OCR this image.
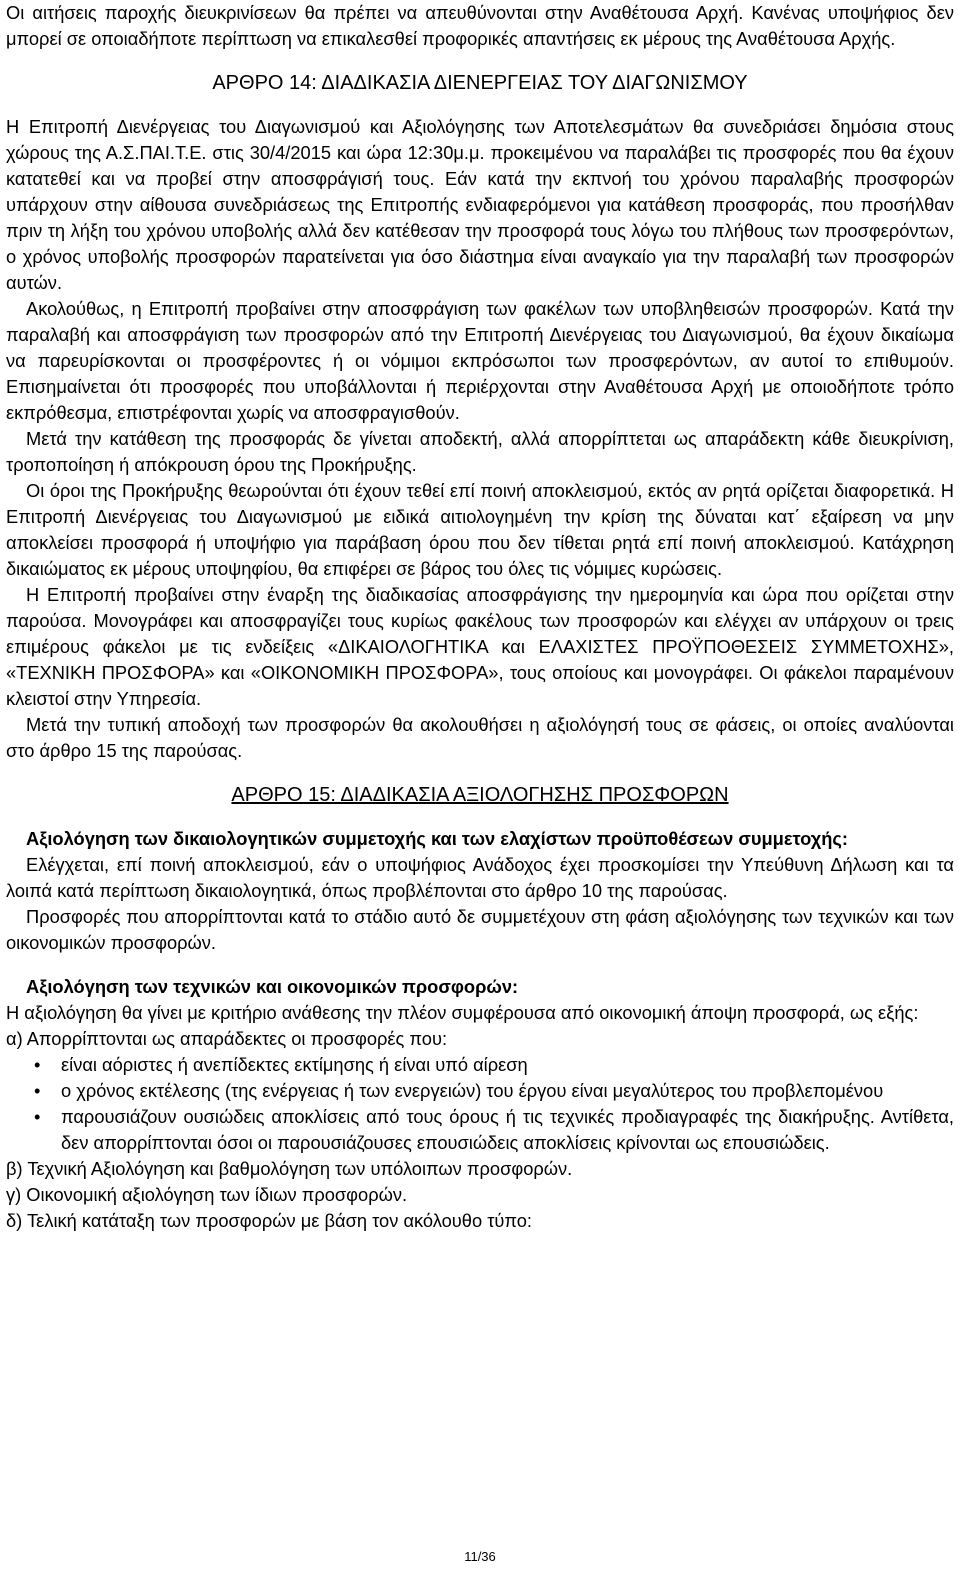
Οι αιτήσεις παροχής διευκρινίσεων θα πρέπει να απευθύνονται στην Αναθέτουσα Αρχή. Κανένας υποψήφιος δεν μπορεί σε οποιαδήποτε περίπτωση να επικαλεσθεί προφορικές απαντήσεις εκ μέρους της Αναθέτουσα Αρχής.

ΑΡΘΡΟ 14: ΔΙΑΔΙΚΑΣΙΑ ΔΙΕΝΕΡΓΕΙΑΣ ΤΟΥ ΔΙΑΓΩΝΙΣΜΟΥ

Η Επιτροπή Διενέργειας του Διαγωνισμού και Αξιολόγησης των Αποτελεσμάτων θα συνεδριάσει δημόσια στους χώρους της Α.Σ.ΠΑΙ.Τ.Ε. στις 30/4/2015 και ώρα 12:30μ.μ. προκειμένου να παραλάβει τις προσφορές που θα έχουν κατατεθεί και να προβεί στην αποσφράγισή τους. Εάν κατά την εκπνοή του χρόνου παραλαβής προσφορών υπάρχουν στην αίθουσα συνεδριάσεως της Επιτροπής ενδιαφερόμενοι για κατάθεση προσφοράς, που προσήλθαν πριν τη λήξη του χρόνου υποβολής αλλά δεν κατέθεσαν την προσφορά τους λόγω του πλήθους των προσφερόντων, ο χρόνος υποβολής προσφορών παρατείνεται για όσο διάστημα είναι αναγκαίο για την παραλαβή των προσφορών αυτών.

Ακολούθως, η Επιτροπή προβαίνει στην αποσφράγιση των φακέλων των υποβληθεισών προσφορών. Κατά την παραλαβή και αποσφράγιση των προσφορών από την Επιτροπή Διενέργειας του Διαγωνισμού, θα έχουν δικαίωμα να παρευρίσκονται οι προσφέροντες ή οι νόμιμοι εκπρόσωποι των προσφερόντων, αν αυτοί το επιθυμούν. Επισημαίνεται ότι προσφορές που υποβάλλονται ή περιέρχονται στην Αναθέτουσα Αρχή με οποιοδήποτε τρόπο εκπρόθεσμα, επιστρέφονται χωρίς να αποσφραγισθούν.

Μετά την κατάθεση της προσφοράς δε γίνεται αποδεκτή, αλλά απορρίπτεται ως απαράδεκτη κάθε διευκρίνιση, τροποποίηση ή απόκρουση όρου της Προκήρυξης.

Οι όροι της Προκήρυξης θεωρούνται ότι έχουν τεθεί επί ποινή αποκλεισμού, εκτός αν ρητά ορίζεται διαφορετικά. Η Επιτροπή Διενέργειας του Διαγωνισμού με ειδικά αιτιολογημένη την κρίση της δύναται κατ΄ εξαίρεση να μην αποκλείσει προσφορά ή υποψήφιο για παράβαση όρου που δεν τίθεται ρητά επί ποινή αποκλεισμού. Κατάχρηση δικαιώματος εκ μέρους υποψηφίου, θα επιφέρει σε βάρος του όλες τις νόμιμες κυρώσεις.

Η Επιτροπή προβαίνει στην έναρξη της διαδικασίας αποσφράγισης την ημερομηνία και ώρα που ορίζεται στην παρούσα. Μονογράφει και αποσφραγίζει τους κυρίως φακέλους των προσφορών και ελέγχει αν υπάρχουν οι τρεις επιμέρους φάκελοι με τις ενδείξεις «ΔΙΚΑΙΟΛΟΓΗΤΙΚΑ και ΕΛΑΧΙΣΤΕΣ ΠΡΟΫΠΟΘΕΣΕΙΣ ΣΥΜΜΕΤΟΧΗΣ», «ΤΕΧΝΙΚΗ ΠΡΟΣΦΟΡΑ» και «ΟΙΚΟΝΟΜΙΚΗ ΠΡΟΣΦΟΡΑ», τους οποίους και μονογράφει. Οι φάκελοι παραμένουν κλειστοί στην Υπηρεσία.

Μετά την τυπική αποδοχή των προσφορών θα ακολουθήσει η αξιολόγησή τους σε φάσεις, οι οποίες αναλύονται στο άρθρο 15 της παρούσας.

ΑΡΘΡΟ 15: ΔΙΑΔΙΚΑΣΙΑ ΑΞΙΟΛΟΓΗΣΗΣ ΠΡΟΣΦΟΡΩΝ

Αξιολόγηση των δικαιολογητικών συμμετοχής και των ελαχίστων προϋποθέσεων συμμετοχής:

Ελέγχεται, επί ποινή αποκλεισμού, εάν ο υποψήφιος Ανάδοχος έχει προσκομίσει την Υπεύθυνη Δήλωση και τα λοιπά κατά περίπτωση δικαιολογητικά, όπως προβλέπονται στο άρθρο 10 της παρούσας.

Προσφορές που απορρίπτονται κατά το στάδιο αυτό δε συμμετέχουν στη φάση αξιολόγησης των τεχνικών και των οικονομικών προσφορών.

Αξιολόγηση των τεχνικών και οικονομικών προσφορών:

Η αξιολόγηση θα γίνει με κριτήριο ανάθεσης την πλέον συμφέρουσα από οικονομική άποψη προσφορά, ως εξής:

α) Απορρίπτονται ως απαράδεκτες οι προσφορές που:

• είναι αόριστες ή ανεπίδεκτες εκτίμησης ή είναι υπό αίρεση
• ο χρόνος εκτέλεσης (της ενέργειας ή των ενεργειών) του έργου είναι μεγαλύτερος του προβλεπομένου
• παρουσιάζουν ουσιώδεις αποκλίσεις από τους όρους ή τις τεχνικές προδιαγραφές της διακήρυξης. Αντίθετα, δεν απορρίπτονται όσοι οι παρουσιάζουσες επουσιώδεις αποκλίσεις κρίνονται ως επουσιώδεις.

β) Τεχνική Αξιολόγηση και βαθμολόγηση των υπόλοιπων προσφορών.

γ) Οικονομική αξιολόγηση των ίδιων προσφορών.

δ) Τελική κατάταξη των προσφορών με βάση τον ακόλουθο τύπο:

11/36
